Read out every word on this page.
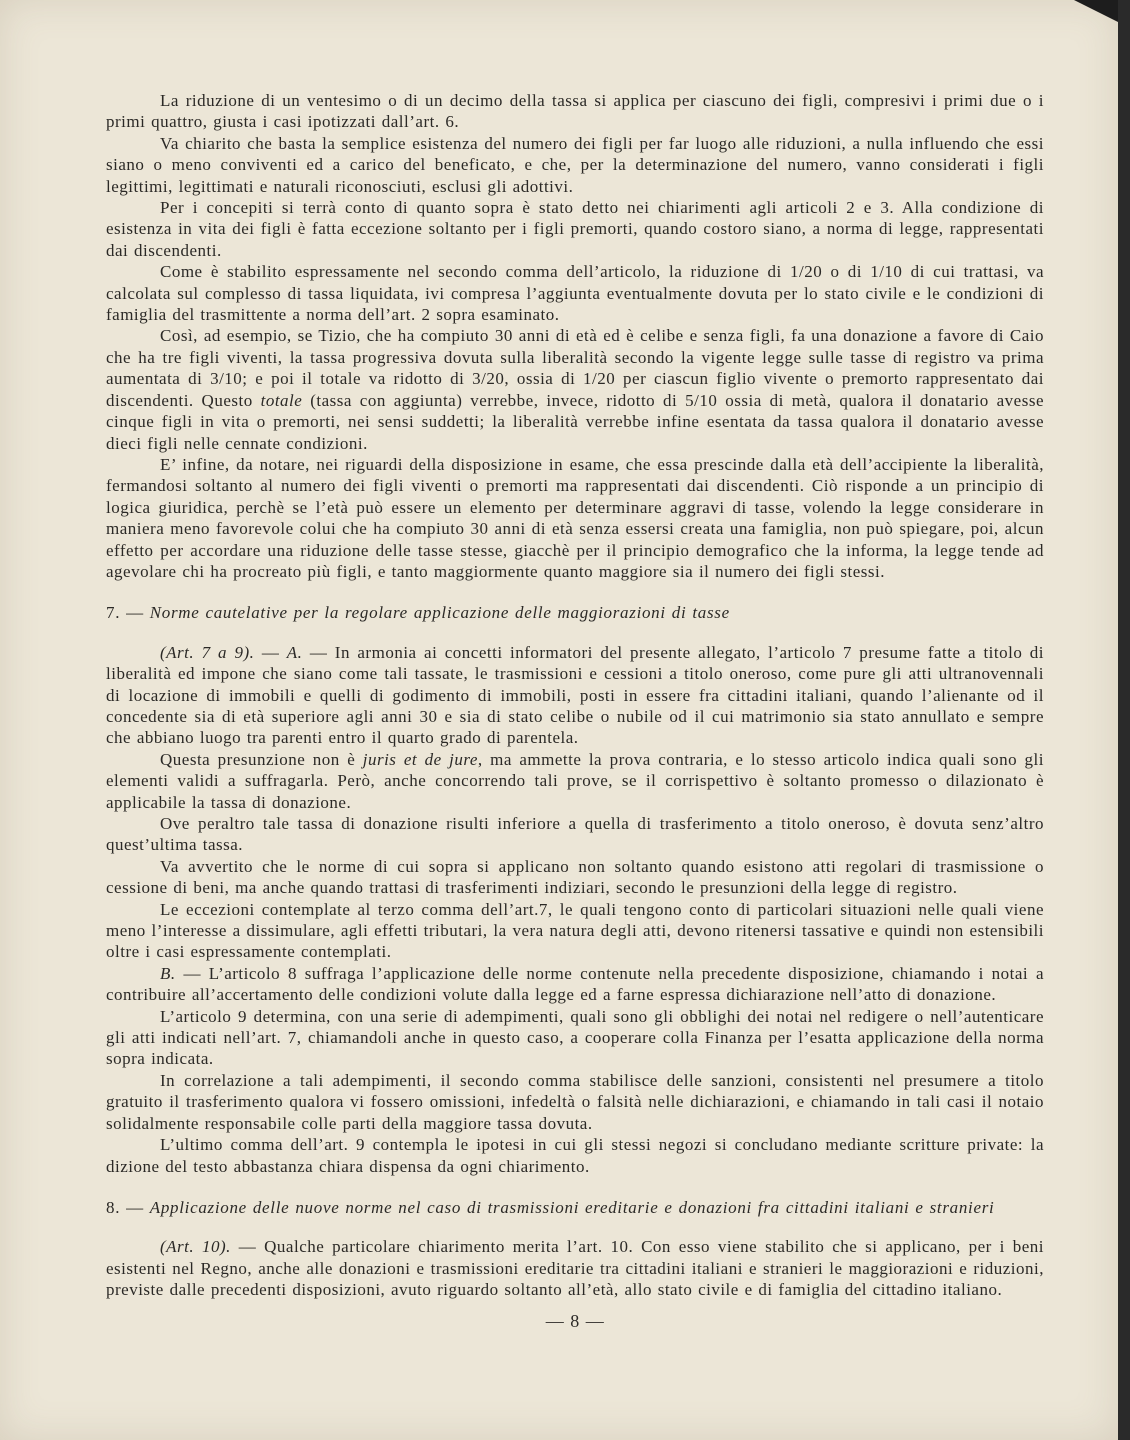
La riduzione di un ventesimo o di un decimo della tassa si applica per ciascuno dei figli, compresivi i primi due o i primi quattro, giusta i casi ipotizzati dall’art. 6.

Va chiarito che basta la semplice esistenza del numero dei figli per far luogo alle riduzioni, a nulla influendo che essi siano o meno conviventi ed a carico del beneficato, e che, per la determinazione del numero, vanno considerati i figli legittimi, legittimati e naturali riconosciuti, esclusi gli adottivi.

Per i concepiti si terrà conto di quanto sopra è stato detto nei chiarimenti agli articoli 2 e 3. Alla condizione di esistenza in vita dei figli è fatta eccezione soltanto per i figli premorti, quando costoro siano, a norma di legge, rappresentati dai discendenti.

Come è stabilito espressamente nel secondo comma dell’articolo, la riduzione di 1/20 o di 1/10 di cui trattasi, va calcolata sul complesso di tassa liquidata, ivi compresa l’aggiunta eventualmente dovuta per lo stato civile e le condizioni di famiglia del trasmittente a norma dell’art. 2 sopra esaminato.

Così, ad esempio, se Tizio, che ha compiuto 30 anni di età ed è celibe e senza figli, fa una donazione a favore di Caio che ha tre figli viventi, la tassa progressiva dovuta sulla liberalità secondo la vigente legge sulle tasse di registro va prima aumentata di 3/10; e poi il totale va ridotto di 3/20, ossia di 1/20 per ciascun figlio vivente o premorto rappresentato dai discendenti. Questo totale (tassa con aggiunta) verrebbe, invece, ridotto di 5/10 ossia di metà, qualora il donatario avesse cinque figli in vita o premorti, nei sensi suddetti; la liberalità verrebbe infine esentata da tassa qualora il donatario avesse dieci figli nelle cennate condizioni.

E’ infine, da notare, nei riguardi della disposizione in esame, che essa prescinde dalla età dell’accipiente la liberalità, fermandosi soltanto al numero dei figli viventi o premorti ma rappresentati dai discendenti. Ciò risponde a un principio di logica giuridica, perchè se l’età può essere un elemento per determinare aggravi di tasse, volendo la legge considerare in maniera meno favorevole colui che ha compiuto 30 anni di età senza essersi creata una famiglia, non può spiegare, poi, alcun effetto per accordare una riduzione delle tasse stesse, giacchè per il principio demografico che la informa, la legge tende ad agevolare chi ha procreato più figli, e tanto maggiormente quanto maggiore sia il numero dei figli stessi.

7. — Norme cautelative per la regolare applicazione delle maggiorazioni di tasse

(Art. 7 a 9). — A. — In armonia ai concetti informatori del presente allegato, l’articolo 7 presume fatte a titolo di liberalità ed impone che siano come tali tassate, le trasmissioni e cessioni a titolo oneroso, come pure gli atti ultranovennali di locazione di immobili e quelli di godimento di immobili, posti in essere fra cittadini italiani, quando l’alienante od il concedente sia di età superiore agli anni 30 e sia di stato celibe o nubile od il cui matrimonio sia stato annullato e sempre che abbiano luogo tra parenti entro il quarto grado di parentela.

Questa presunzione non è juris et de jure, ma ammette la prova contraria, e lo stesso articolo indica quali sono gli elementi validi a suffragarla. Però, anche concorrendo tali prove, se il corrispettivo è soltanto promesso o dilazionato è applicabile la tassa di donazione.

Ove peraltro tale tassa di donazione risulti inferiore a quella di trasferimento a titolo oneroso, è dovuta senz’altro quest’ultima tassa.

Va avvertito che le norme di cui sopra si applicano non soltanto quando esistono atti regolari di trasmissione o cessione di beni, ma anche quando trattasi di trasferimenti indiziari, secondo le presunzioni della legge di registro.

Le eccezioni contemplate al terzo comma dell’art.7, le quali tengono conto di particolari situazioni nelle quali viene meno l’interesse a dissimulare, agli effetti tributari, la vera natura degli atti, devono ritenersi tassative e quindi non estensibili oltre i casi espressamente contemplati.

B. — L’articolo 8 suffraga l’applicazione delle norme contenute nella precedente disposizione, chiamando i notai a contribuire all’accertamento delle condizioni volute dalla legge ed a farne espressa dichiarazione nell’atto di donazione.

L’articolo 9 determina, con una serie di adempimenti, quali sono gli obblighi dei notai nel redigere o nell’autenticare gli atti indicati nell’art. 7, chiamandoli anche in questo caso, a cooperare colla Finanza per l’esatta applicazione della norma sopra indicata.

In correlazione a tali adempimenti, il secondo comma stabilisce delle sanzioni, consistenti nel presumere a titolo gratuito il trasferimento qualora vi fossero omissioni, infedeltà o falsità nelle dichiarazioni, e chiamando in tali casi il notaio solidalmente responsabile colle parti della maggiore tassa dovuta.

L’ultimo comma dell’art. 9 contempla le ipotesi in cui gli stessi negozi si concludano mediante scritture private: la dizione del testo abbastanza chiara dispensa da ogni chiarimento.

8. — Applicazione delle nuove norme nel caso di trasmissioni ereditarie e donazioni fra cittadini italiani e stranieri

(Art. 10). — Qualche particolare chiarimento merita l’art. 10. Con esso viene stabilito che si applicano, per i beni esistenti nel Regno, anche alle donazioni e trasmissioni ereditarie tra cittadini italiani e stranieri le maggiorazioni e riduzioni, previste dalle precedenti disposizioni, avuto riguardo soltanto all’età, allo stato civile e di famiglia del cittadino italiano.

— 8 —
